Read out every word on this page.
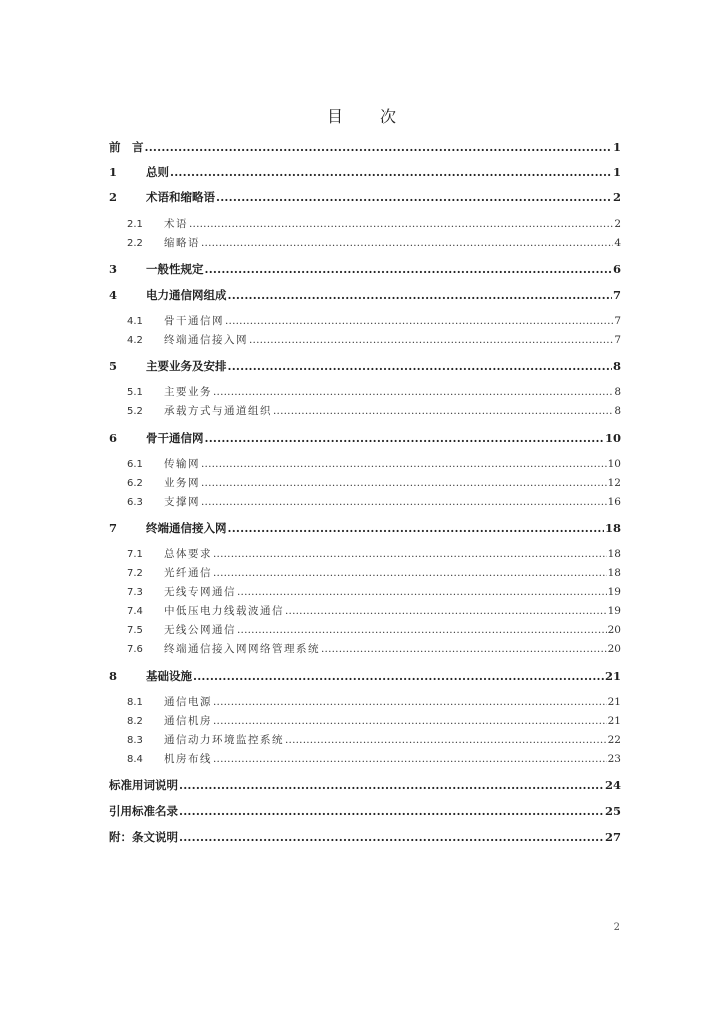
目 次
前　言 .....	1
1	总则 .....	1
2	术语和缩略语 .....	2
2.1	术语 .....	2
2.2	缩略语 .....	4
3	一般性规定 .....	6
4	电力通信网组成 .....	7
4.1	骨干通信网 .....	7
4.2	终端通信接入网 .....	7
5	主要业务及安排 .....	8
5.1	主要业务 .....	8
5.2	承载方式与通道组织 .....	8
6	骨干通信网 .....	10
6.1	传输网 .....	10
6.2	业务网 .....	12
6.3	支撑网 .....	16
7	终端通信接入网 .....	18
7.1	总体要求 .....	18
7.2	光纤通信 .....	18
7.3	无线专网通信 .....	19
7.4	中低压电力线载波通信 .....	19
7.5	无线公网通信 .....	20
7.6	终端通信接入网网络管理系统 .....	20
8	基础设施 .....	21
8.1	通信电源 .....	21
8.2	通信机房 .....	21
8.3	通信动力环境监控系统 .....	22
8.4	机房布线 .....	23
标准用词说明 .....	24
引用标准名录 .....	25
附：条文说明 .....	27
2
